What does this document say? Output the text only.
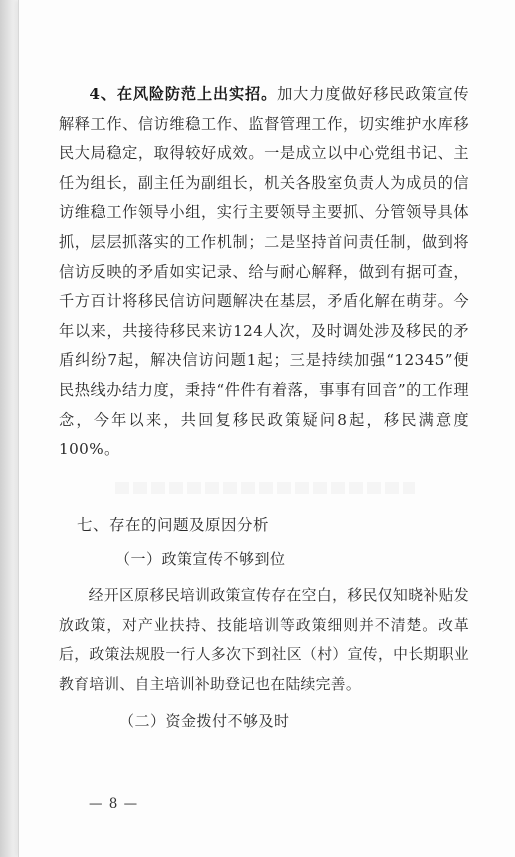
4、在风险防范上出实招。加大力度做好移民政策宣传解释工作、信访维稳工作、监督管理工作，切实维护水库移民大局稳定，取得较好成效。一是成立以中心党组书记、主任为组长，副主任为副组长，机关各股室负责人为成员的信访维稳工作领导小组，实行主要领导主要抓、分管领导具体抓，层层抓落实的工作机制；二是坚持首问责任制，做到将信访反映的矛盾如实记录、给与耐心解释，做到有据可查，千方百计将移民信访问题解决在基层，矛盾化解在萌芽。今年以来，共接待移民来访124人次，及时调处涉及移民的矛盾纠纷7起，解决信访问题1起；三是持续加强“12345”便民热线办结力度，秉持“件件有着落，事事有回音”的工作理念，今年以来，共回复移民政策疑问8起，移民满意度100%。

七、存在的问题及原因分析
（一）政策宣传不够到位

经开区原移民培训政策宣传存在空白，移民仅知晓补贴发放政策，对产业扶持、技能培训等政策细则并不清楚。改革后，政策法规股一行人多次下到社区（村）宣传，中长期职业教育培训、自主培训补助登记也在陆续完善。

（二）资金拨付不够及时
— 8 —
